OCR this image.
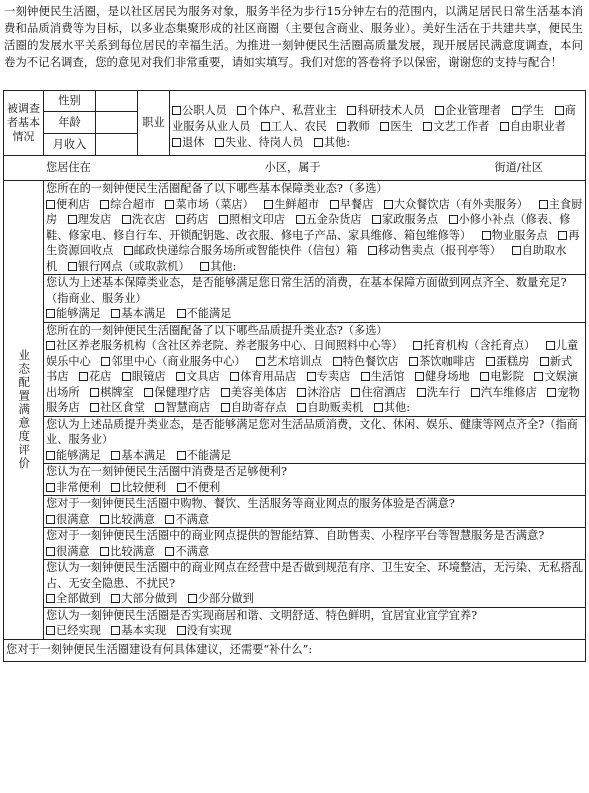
一刻钟便民生活圈，是以社区居民为服务对象，服务半径为步行15分钟左右的范围内，以满足居民日常生活基本消费和品质消费等为目标，以多业态集聚形成的社区商圈（主要包含商业、服务业）。美好生活在于共建共享，便民生活圈的发展水平关系到每位居民的幸福生活。为推进一刻钟便民生活圈高质量发展，现开展居民满意度调查，本问卷为不记名调查，您的意见对我们非常重要，请如实填写。我们对您的答卷将予以保密，谢谢您的支持与配合！
被调查者基本情况	性别		职业	公职人员 个体户、私营业主 科研技术人员 企业管理者 学生 商业服务从业人员 工人、农民 教师 医生 文艺工作者 自由职业者 退休 失业、待岗人员 其他:
	年龄			
	月收入			

您居住在 小区，属于 街道/社区				

业态配置满意度评价	您所在的一刻钟便民生活圈配备了以下哪些基本保障类业态?（多选）
便利店 综合超市 菜市场（菜店） 生鲜超市 早餐店 大众餐饮店（有外卖服务） 主食厨房 理发店 洗衣店 药店 照相文印店 五金杂货店 家政服务点 小修小补点（修表、修鞋、修家电、修自行车、开锁配钥匙、改衣服、修电子产品、家具维修、箱包维修等） 物业服务点 再生资源回收点 邮政快递综合服务场所或智能快件（信包）箱 移动售卖点（报刊亭等） 自助取水机 银行网点（或取款机） 其他:			

	您认为上述基本保障类业态，是否能够满足您日常生活的消费，在基本保障方面做到网点齐全、数量充足?（指商业、服务业）
能够满足 基本满足 不能满足			

	您所在的一刻钟便民生活圈配备了以下哪些品质提升类业态?（多选）
社区养老服务机构（含社区养老院、养老服务中心、日间照料中心等） 托育机构（含托育点） 儿童娱乐中心 邻里中心（商业服务中心） 艺术培训点 特色餐饮店 茶饮咖啡店 蛋糕房 新式书店 花店 眼镜店 文具店 体育用品店 专卖店 生活馆 健身场地 电影院 文娱演出场所 棋牌室 保健理疗店 美容美体店 沐浴店 住宿酒店 洗车行 汽车维修店 宠物服务店 社区食堂 智慧商店 自助寄存点 自助贩卖机 其他:			

	您认为上述品质提升类业态，是否能够满足您对生活品质消费，文化、休闲、娱乐、健康等网点齐全?（指商业、服务业）
能够满足 基本满足 不能满足			

	您认为在一刻钟便民生活圈中消费是否足够便利?
非常便利 比较便利 不便利			

	您对于一刻钟便民生活圈中购物、餐饮、生活服务等商业网点的服务体验是否满意?
很满意 比较满意 不满意			

	您对于一刻钟便民生活圈中的商业网点提供的智能结算、自助售卖、小程序平台等智慧服务是否满意?
很满意 比较满意 不满意			

	您认为一刻钟便民生活圈中的商业网点在经营中是否做到规范有序、卫生安全、环境整洁，无污染、无私搭乱占、无安全隐患、不扰民?
全部做到 大部分做到 少部分做到			

	您认为一刻钟便民生活圈是否实现商居和谐、文明舒适、特色鲜明，宜居宜业宜学宜养?
已经实现 基本实现 没有实现			
您对于一刻钟便民生活圈建设有何具体建议，还需要“补什么”:				
